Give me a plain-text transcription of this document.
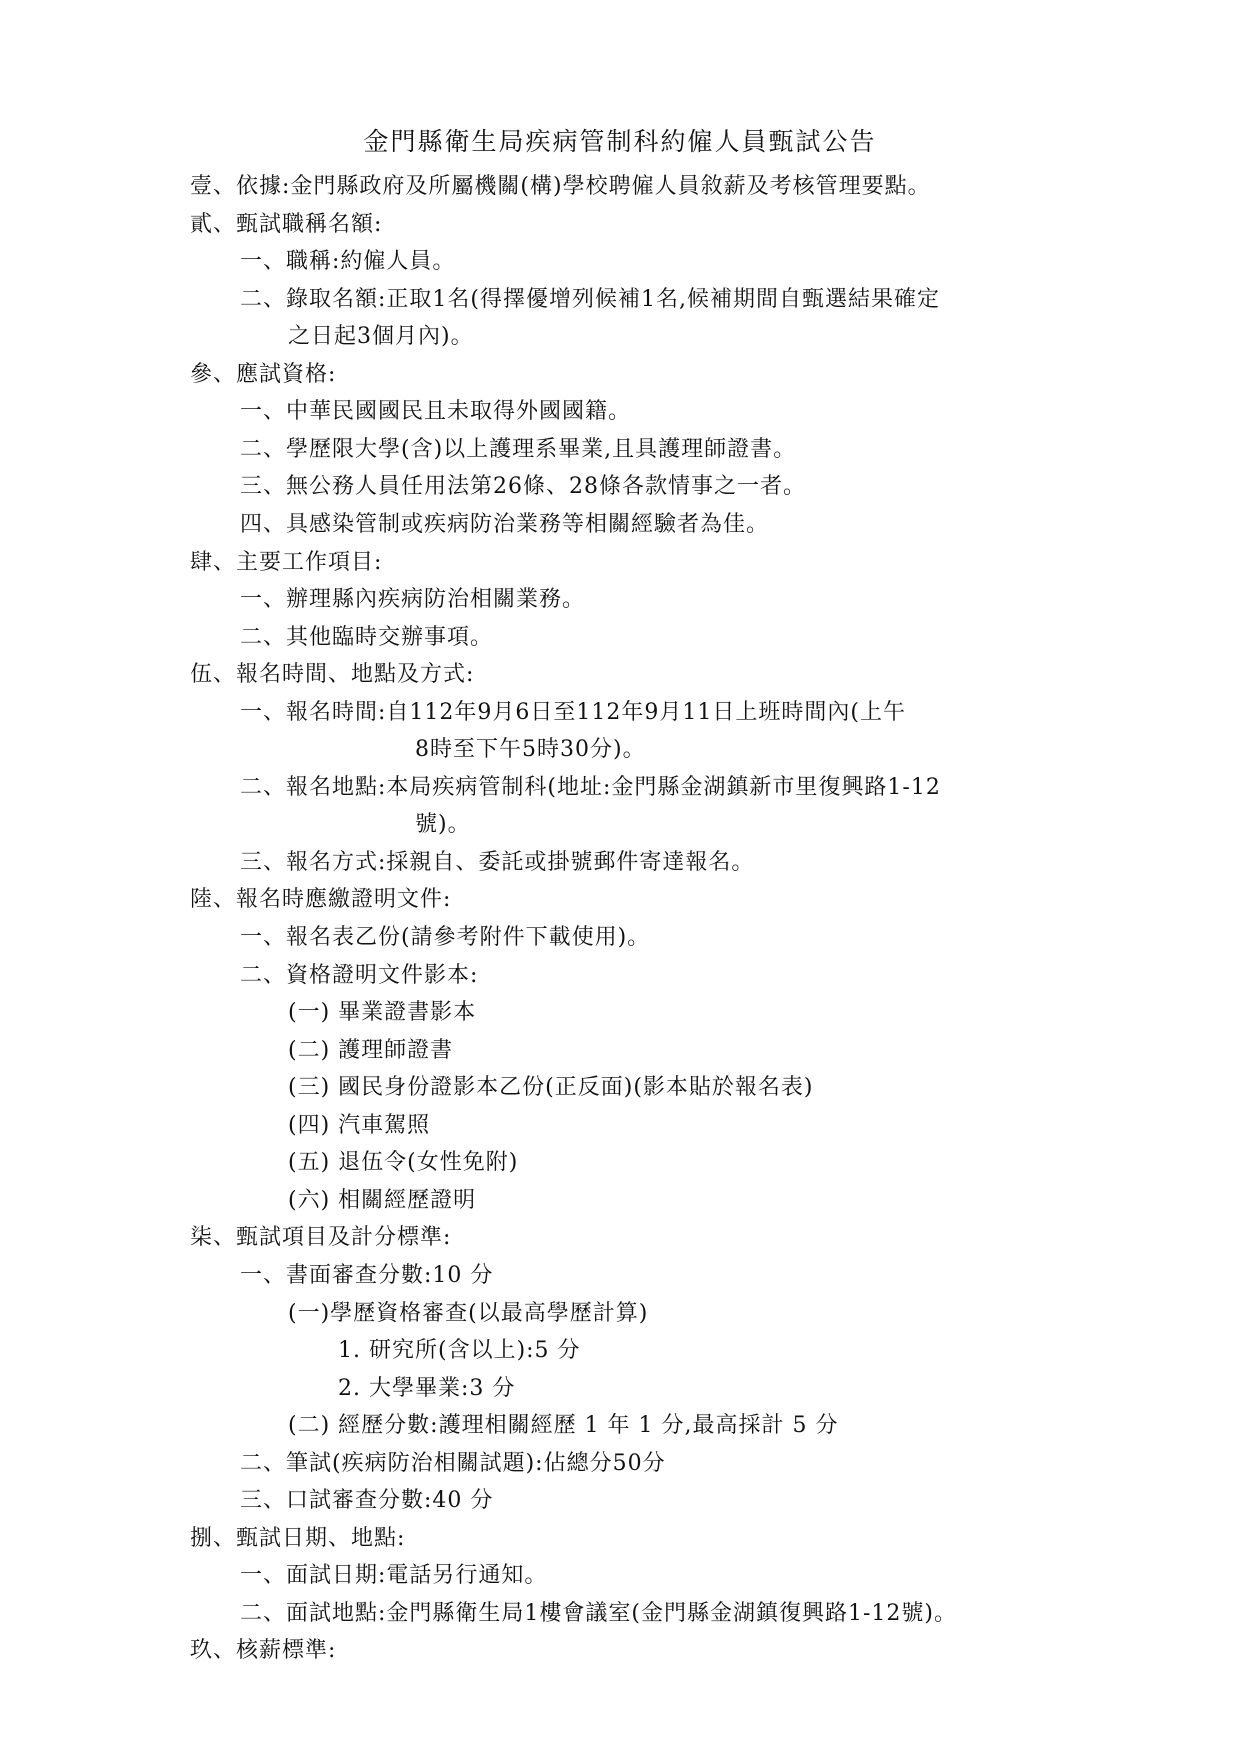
金門縣衛生局疾病管制科約僱人員甄試公告
壹、依據:金門縣政府及所屬機關(構)學校聘僱人員敘薪及考核管理要點。
貳、甄試職稱名額:
一、職稱:約僱人員。
二、錄取名額:正取1名(得擇優增列候補1名,候補期間自甄選結果確定
之日起3個月內)。
參、應試資格:
一、中華民國國民且未取得外國國籍。
二、學歷限大學(含)以上護理系畢業,且具護理師證書。
三、無公務人員任用法第26條、28條各款情事之一者。
四、具感染管制或疾病防治業務等相關經驗者為佳。
肆、主要工作項目:
一、辦理縣內疾病防治相關業務。
二、其他臨時交辦事項。
伍、報名時間、地點及方式:
一、報名時間:自112年9月6日至112年9月11日上班時間內(上午
8時至下午5時30分)。
二、報名地點:本局疾病管制科(地址:金門縣金湖鎮新市里復興路1-12
號)。
三、報名方式:採親自、委託或掛號郵件寄達報名。
陸、報名時應繳證明文件:
一、報名表乙份(請參考附件下載使用)。
二、資格證明文件影本:
(一) 畢業證書影本
(二) 護理師證書
(三) 國民身份證影本乙份(正反面)(影本貼於報名表)
(四) 汽車駕照
(五) 退伍令(女性免附)
(六) 相關經歷證明
柒、甄試項目及計分標準:
一、書面審查分數:10 分
(一)學歷資格審查(以最高學歷計算)
1. 研究所(含以上):5 分
2. 大學畢業:3 分
(二) 經歷分數:護理相關經歷 1 年 1 分,最高採計 5 分
二、筆試(疾病防治相關試題):佔總分50分
三、口試審查分數:40 分
捌、甄試日期、地點:
一、面試日期:電話另行通知。
二、面試地點:金門縣衛生局1樓會議室(金門縣金湖鎮復興路1-12號)。
玖、核薪標準:
